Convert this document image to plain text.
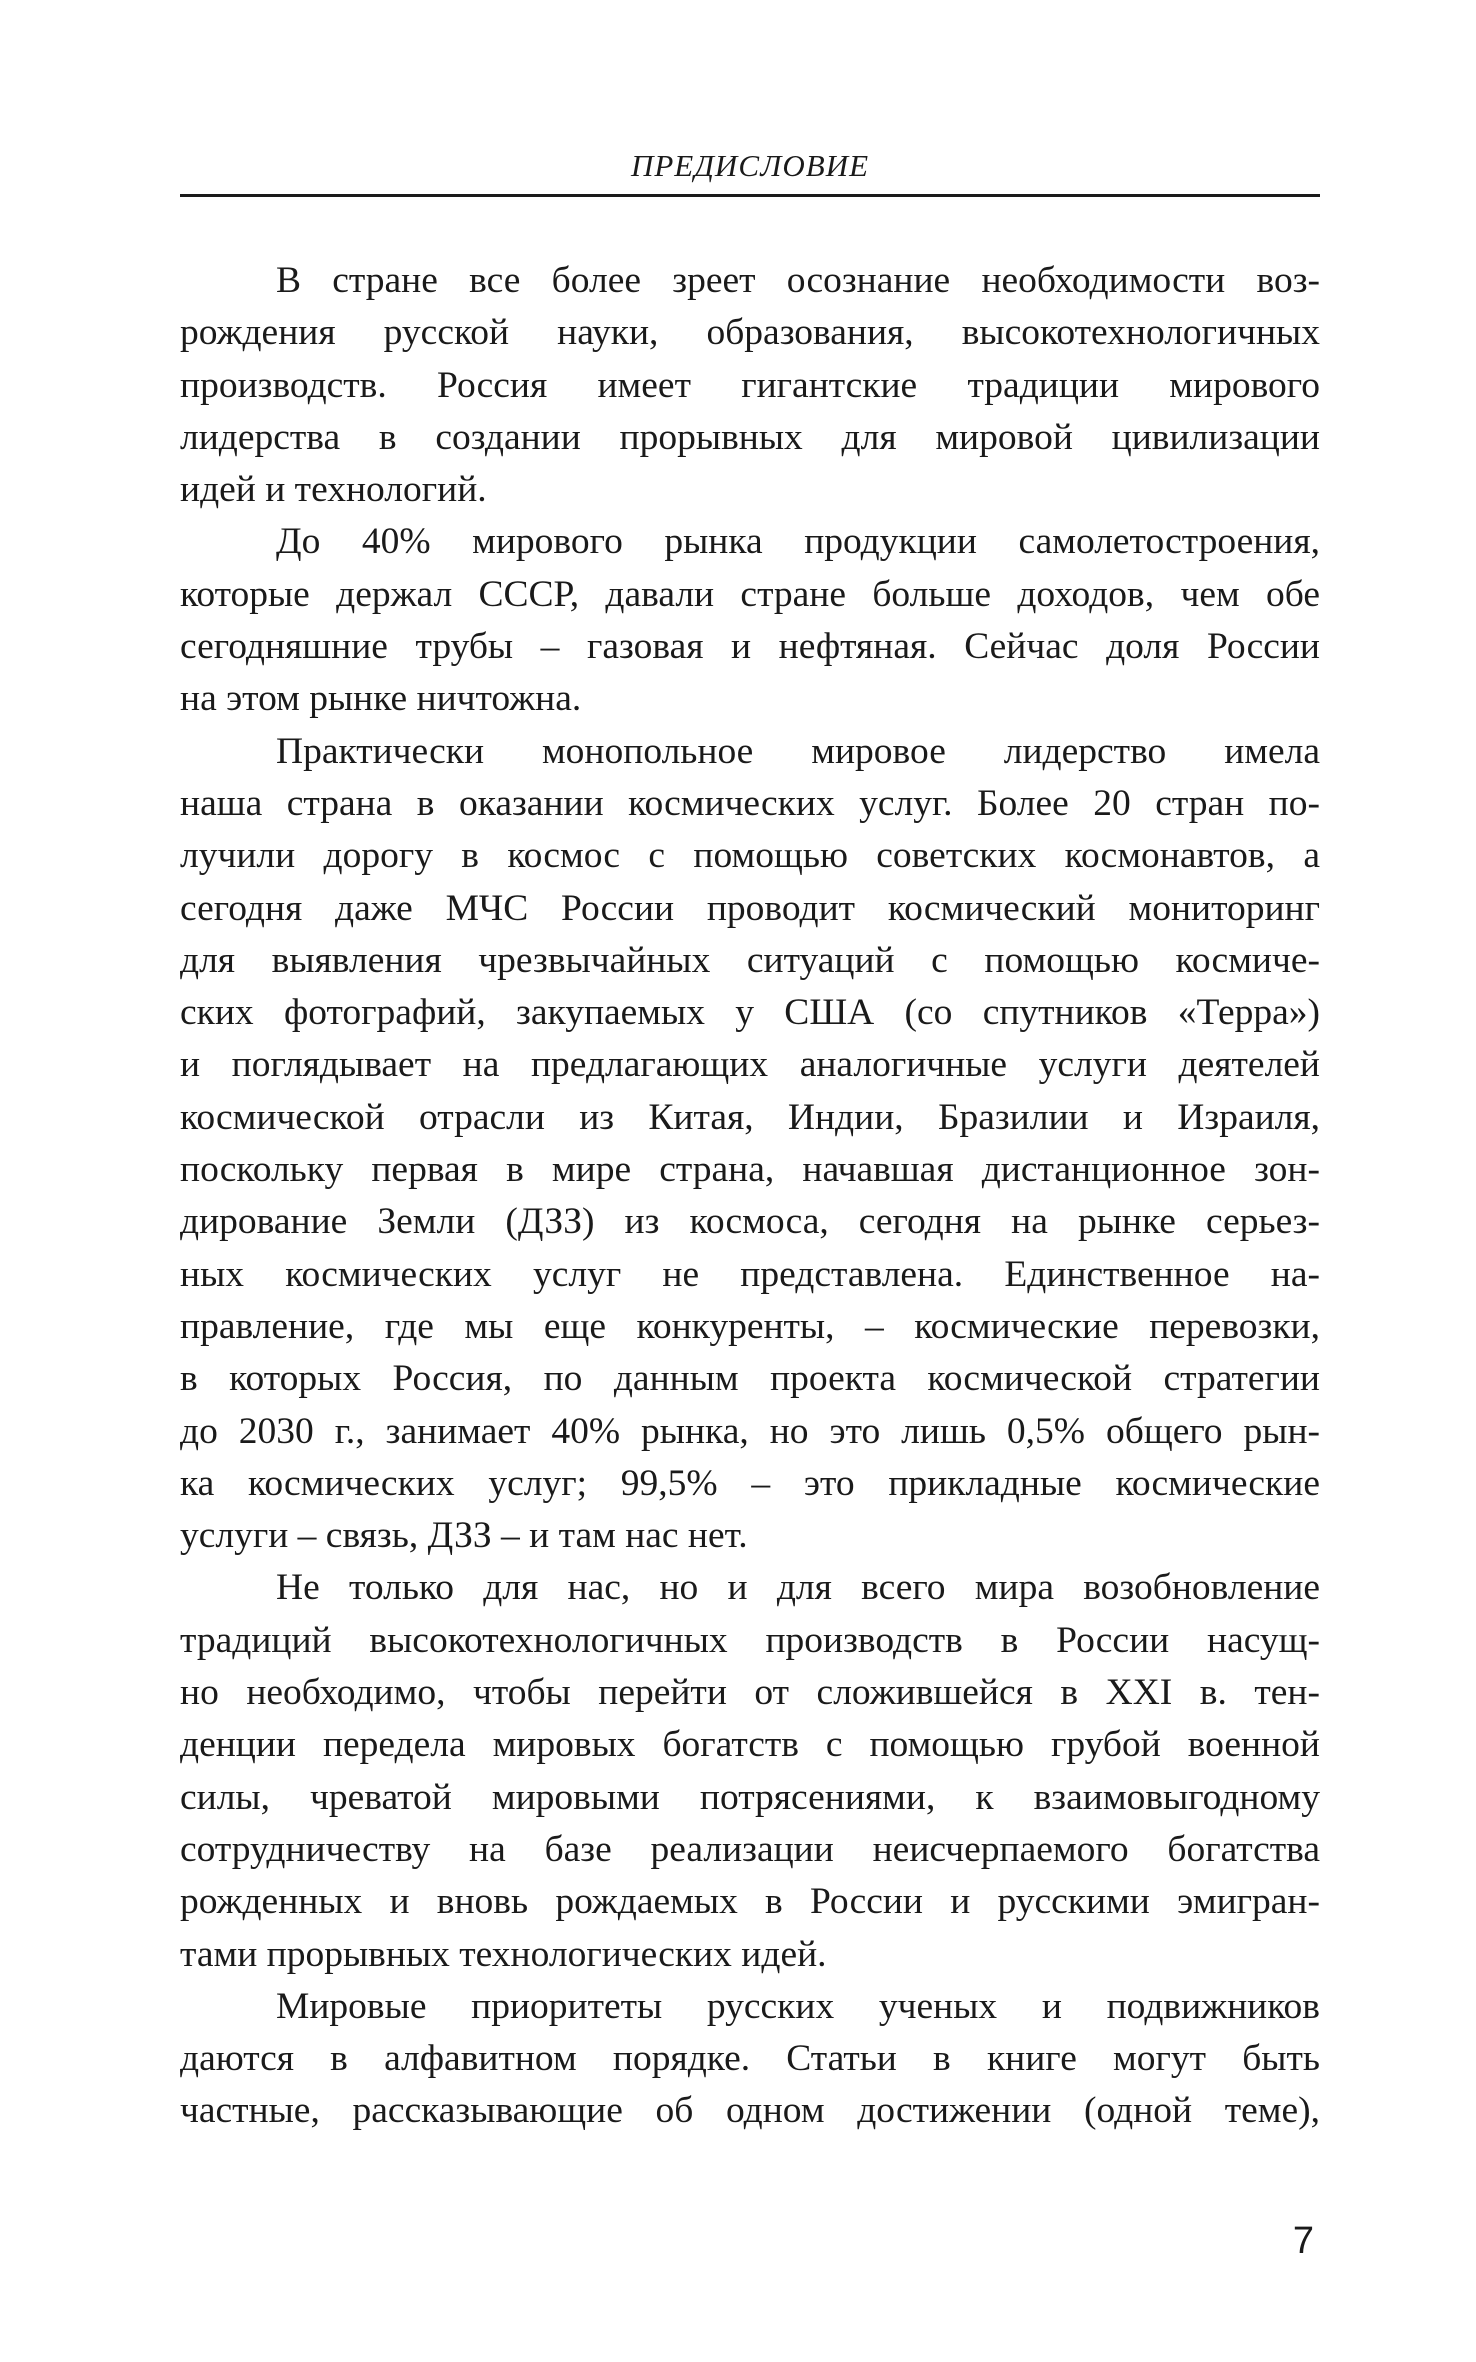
ПРЕДИСЛОВИЕ
В стране все более зреет осознание необходимости воз-
рождения русской науки, образования, высокотехнологичных
производств. Россия имеет гигантские традиции мирового
лидерства в создании прорывных для мировой цивилизации
идей и технологий.
До 40% мирового рынка продукции самолетостроения,
которые держал СССР, давали стране больше доходов, чем обе
сегодняшние трубы – газовая и нефтяная. Сейчас доля России
на этом рынке ничтожна.
Практически монопольное мировое лидерство имела
наша страна в оказании космических услуг. Более 20 стран по-
лучили дорогу в космос с помощью советских космонавтов, а
сегодня даже МЧС России проводит космический мониторинг
для выявления чрезвычайных ситуаций с помощью космиче-
ских фотографий, закупаемых у США (со спутников «Терра»)
и поглядывает на предлагающих аналогичные услуги деятелей
космической отрасли из Китая, Индии, Бразилии и Израиля,
поскольку первая в мире страна, начавшая дистанционное зон-
дирование Земли (ДЗЗ) из космоса, сегодня на рынке серьез-
ных космических услуг не представлена. Единственное на-
правление, где мы еще конкуренты, – космические перевозки,
в которых Россия, по данным проекта космической стратегии
до 2030 г., занимает 40% рынка, но это лишь 0,5% общего рын-
ка космических услуг; 99,5% – это прикладные космические
услуги – связь, ДЗЗ – и там нас нет.
Не только для нас, но и для всего мира возобновление
традиций высокотехнологичных производств в России насущ-
но необходимо, чтобы перейти от сложившейся в XXI в. тен-
денции передела мировых богатств с помощью грубой военной
силы, чреватой мировыми потрясениями, к взаимовыгодному
сотрудничеству на базе реализации неисчерпаемого богатства
рожденных и вновь рождаемых в России и русскими эмигран-
тами прорывных технологических идей.
Мировые приоритеты русских ученых и подвижников
даются в алфавитном порядке. Статьи в книге могут быть
частные, рассказывающие об одном достижении (одной теме),
7
